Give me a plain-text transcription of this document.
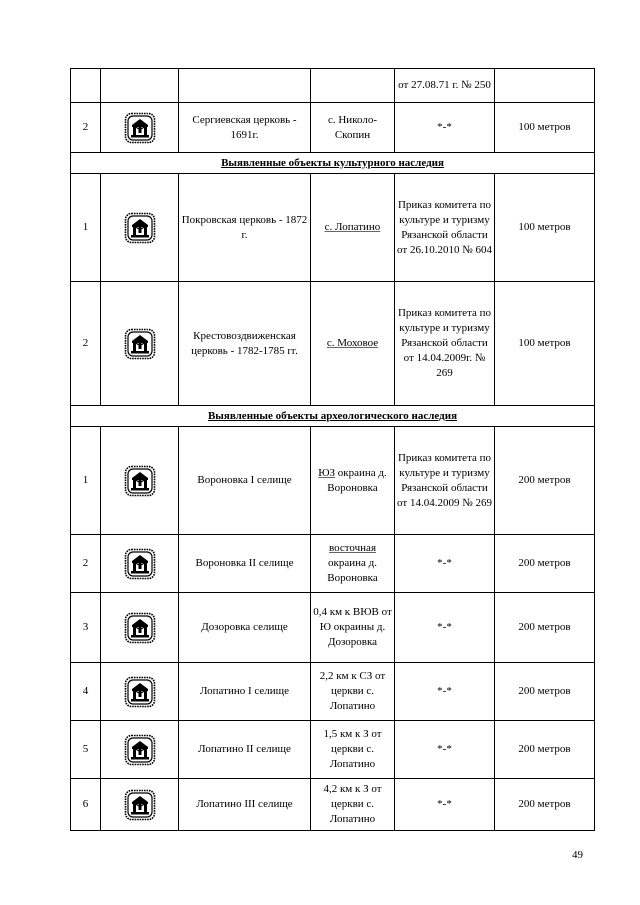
				от 27.08.71 г. № 250	
2		Сергиевская церковь - 1691г.	с. Николо-Скопин	*-*	100 метров
Выявленные объекты культурного наследия					
1		Покровская церковь - 1872 г.	с. Лопатино	Приказ комитета по культуре и туризму Рязанской области от 26.10.2010 № 604	100 метров
2		Крестовоздвиженская церковь - 1782-1785 гг.	с. Моховое	Приказ комитета по культуре и туризму Рязанской области от 14.04.2009г. № 269	100 метров
Выявленные объекты археологического наследия					
1		Вороновка I селище	ЮЗ окраина д. Вороновка	Приказ комитета по культуре и туризму Рязанской области от 14.04.2009 № 269	200 метров
2		Вороновка II селище	восточная окраина д. Вороновка	*-*	200 метров
3		Дозоровка селище	0,4 км к ВЮВ от Ю окраины д. Дозоровка	*-*	200 метров
4		Лопатино I селище	2,2 км к СЗ от церкви с. Лопатино	*-*	200 метров
5		Лопатино II селище	1,5 км к З от церкви с. Лопатино	*-*	200 метров
6		Лопатино III селище	4,2 км к З от церкви с. Лопатино	*-*	200 метров
49
